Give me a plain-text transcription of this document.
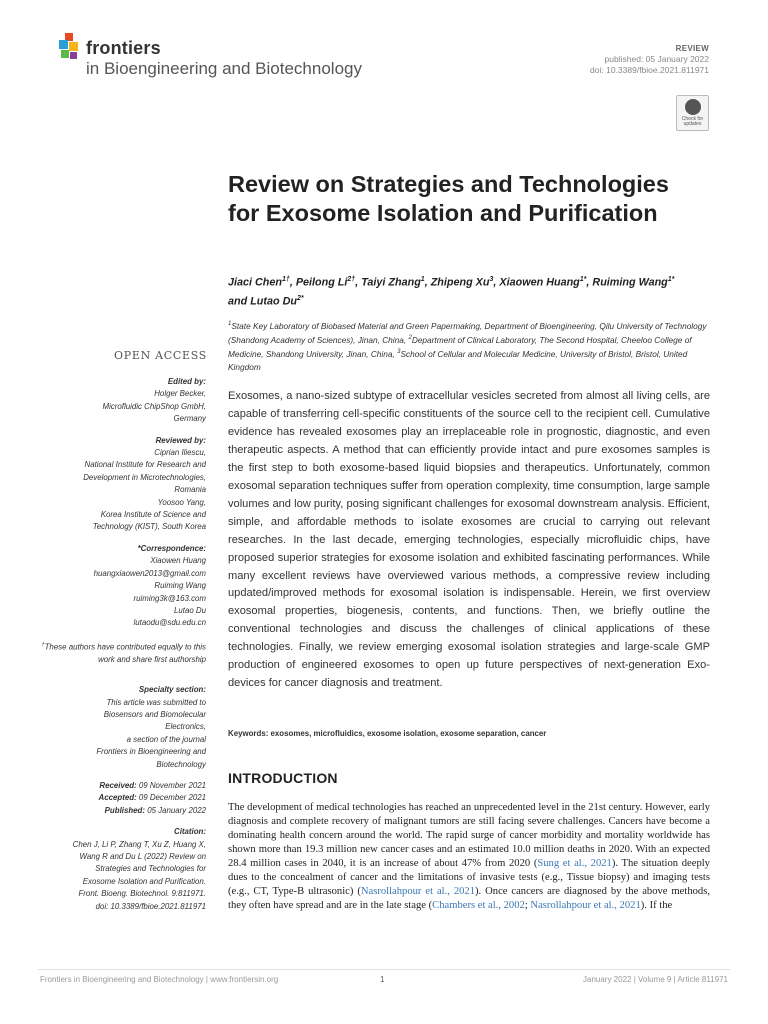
frontiers
in Bioengineering and Biotechnology
REVIEW
published: 05 January 2022
doi: 10.3389/fbioe.2021.811971
Check for
updates
Review on Strategies and Technologies for Exosome Isolation and Purification
Jiaci Chen$^{1\dagger}$, Peilong $Li^{2\dagger}$, Taiyi Zhang$^1$, Zhipeng Xu$^3$, Xiaowen Huang$^{1*}$, Ruiming Wang$^{1*}$
and Lutao $Du^{2*}$
$^1$State Key Laboratory of Biobased Material and Green Papermaking, Department of Bioengineering, Qilu University of Technology (Shandong Academy of Sciences), Jinan, China, $^2$Department of Clinical Laboratory, The Second Hospital, Cheeloo College of Medicine, Shandong University, Jinan, China, $^3$School of Cellular and Molecular Medicine, University of Bristol, Bristol, United Kingdom
OPEN ACCESS
Edited by:
Holger Becker,
Microfluidic ChipShop GmbH,
Germany
Reviewed by:
Ciprian Iliescu,
National Institute for Research and
Development in Microtechnologies,
Romania
Yoosoo Yang,
Korea Institute of Science and
Technology (KIST), South Korea
*Correspondence:
Xiaowen Huang
huangxiaowen2013@gmail.com
Ruiming Wang
ruiming3k@163.com
Lutao Du
lutaodu@sdu.edu.cn
†These authors have contributed equally to this work and share first authorship
Specialty section:
This article was submitted to
Biosensors and Biomolecular
Electronics,
a section of the journal
Frontiers in Bioengineering and
Biotechnology
Received: 09 November 2021
Accepted: 09 December 2021
Published: 05 January 2022
Citation:
Chen J, Li P, Zhang T, Xu Z, Huang X,
Wang R and Du L (2022) Review on
Strategies and Technologies for
Exosome Isolation and Purification.
Front. Bioeng. Biotechnol. 9:811971.
doi: 10.3389/fbioe.2021.811971
Exosomes, a nano-sized subtype of extracellular vesicles secreted from almost all living cells, are capable of transferring cell-specific constituents of the source cell to the recipient cell. Cumulative evidence has revealed exosomes play an irreplaceable role in prognostic, diagnostic, and even therapeutic aspects. A method that can efficiently provide intact and pure exosomes samples is the first step to both exosome-based liquid biopsies and therapeutics. Unfortunately, common exosomal separation techniques suffer from operation complexity, time consumption, large sample volumes and low purity, posing significant challenges for exosomal downstream analysis. Efficient, simple, and affordable methods to isolate exosomes are crucial to carrying out relevant researches. In the last decade, emerging technologies, especially microfluidic chips, have proposed superior strategies for exosome isolation and exhibited fascinating performances. While many excellent reviews have overviewed various methods, a compressive review including updated/improved methods for exosomal isolation is indispensable. Herein, we first overview exosomal properties, biogenesis, contents, and functions. Then, we briefly outline the conventional technologies and discuss the challenges of clinical applications of these technologies. Finally, we review emerging exosomal isolation strategies and large-scale GMP production of engineered exosomes to open up future perspectives of next-generation Exo-devices for cancer diagnosis and treatment.
Keywords: exosomes, microfluidics, exosome isolation, exosome separation, cancer
INTRODUCTION
The development of medical technologies has reached an unprecedented level in the 21st century. However, early diagnosis and complete recovery of malignant tumors are still facing severe challenges. Cancers have become a dominating health concern around the world. The rapid surge of cancer morbidity and mortality worldwide has shown more than 19.3 million new cancer cases and an estimated 10.0 million deaths in 2020. With an expected 28.4 million cases in 2040, it is an increase of about 47% from 2020 (Sung et al., 2021). The situation deeply dues to the concealment of cancer and the limitations of invasive tests (e.g., Tissue biopsy) and imaging tests (e.g., CT, Type-B ultrasonic) (Nasrollahpour et al., 2021). Once cancers are diagnosed by the above methods, they often have spread and are in the late stage (Chambers et al., 2002; Nasrollahpour et al., 2021). If the
Frontiers in Bioengineering and Biotechnology | www.frontiersin.org	1	January 2022 | Volume 9 | Article 811971
